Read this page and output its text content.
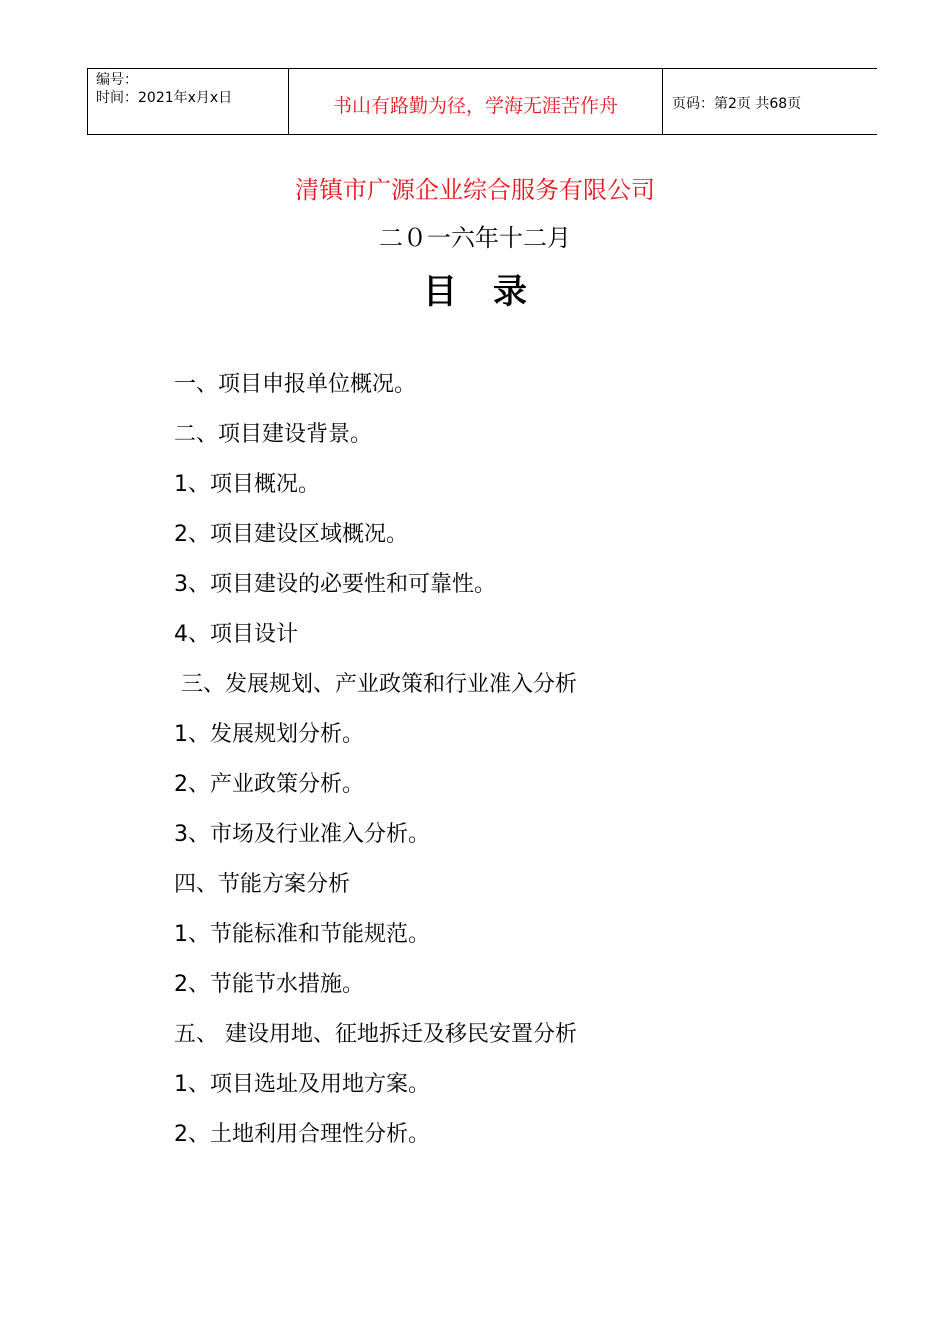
编号：
时间：2021年x月x日	书山有路勤为径，学海无涯苦作舟	页码：第2页 共68页
清镇市广源企业综合服务有限公司
二０一六年十二月
目录
一、项目申报单位概况。
二、项目建设背景。
1、项目概况。
2、项目建设区域概况。
3、项目建设的必要性和可靠性。
4、项目设计
三、发展规划、产业政策和行业准入分析
1、发展规划分析。
2、产业政策分析。
3、市场及行业准入分析。
四、节能方案分析
1、节能标准和节能规范。
2、节能节水措施。
五、 建设用地、征地拆迁及移民安置分析
1、项目选址及用地方案。
2、土地利用合理性分析。
